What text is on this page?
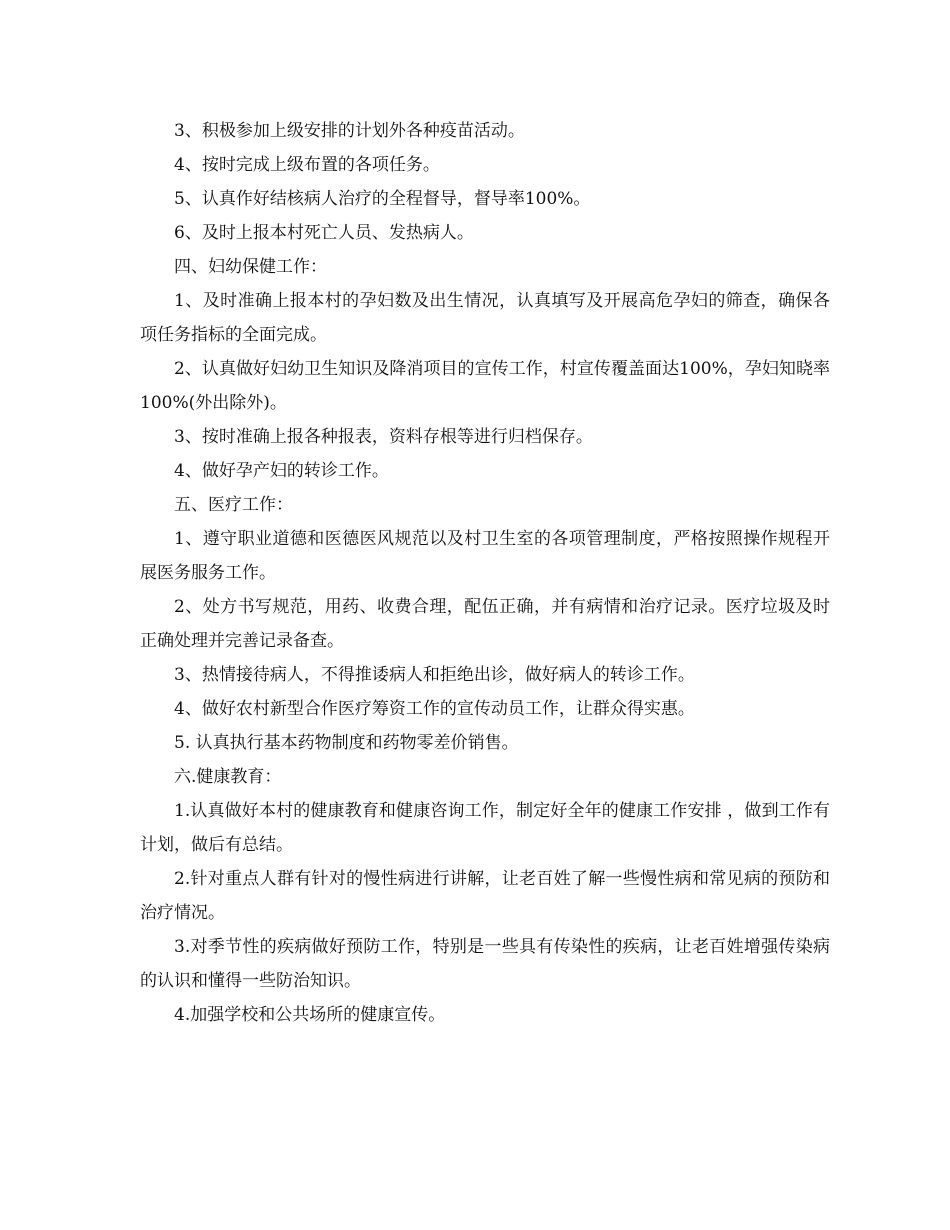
3、积极参加上级安排的计划外各种疫苗活动。

4、按时完成上级布置的各项任务。

5、认真作好结核病人治疗的全程督导，督导率100%。

6、及时上报本村死亡人员、发热病人。

四、妇幼保健工作：

1、及时准确上报本村的孕妇数及出生情况，认真填写及开展高危孕妇的筛查，确保各项任务指标的全面完成。

2、认真做好妇幼卫生知识及降消项目的宣传工作，村宣传覆盖面达100%，孕妇知晓率100%(外出除外)。

3、按时准确上报各种报表，资料存根等进行归档保存。

4、做好孕产妇的转诊工作。

五、医疗工作：

1、遵守职业道德和医德医风规范以及村卫生室的各项管理制度，严格按照操作规程开展医务服务工作。

2、处方书写规范，用药、收费合理，配伍正确，并有病情和治疗记录。医疗垃圾及时正确处理并完善记录备查。

3、热情接待病人，不得推诿病人和拒绝出诊，做好病人的转诊工作。

4、做好农村新型合作医疗筹资工作的宣传动员工作，让群众得实惠。

5. 认真执行基本药物制度和药物零差价销售。

六.健康教育：

1.认真做好本村的健康教育和健康咨询工作，制定好全年的健康工作安排 ，做到工作有计划，做后有总结。

2.针对重点人群有针对的慢性病进行讲解，让老百姓了解一些慢性病和常见病的预防和治疗情况。

3.对季节性的疾病做好预防工作，特别是一些具有传染性的疾病，让老百姓增强传染病的认识和懂得一些防治知识。

4.加强学校和公共场所的健康宣传。
